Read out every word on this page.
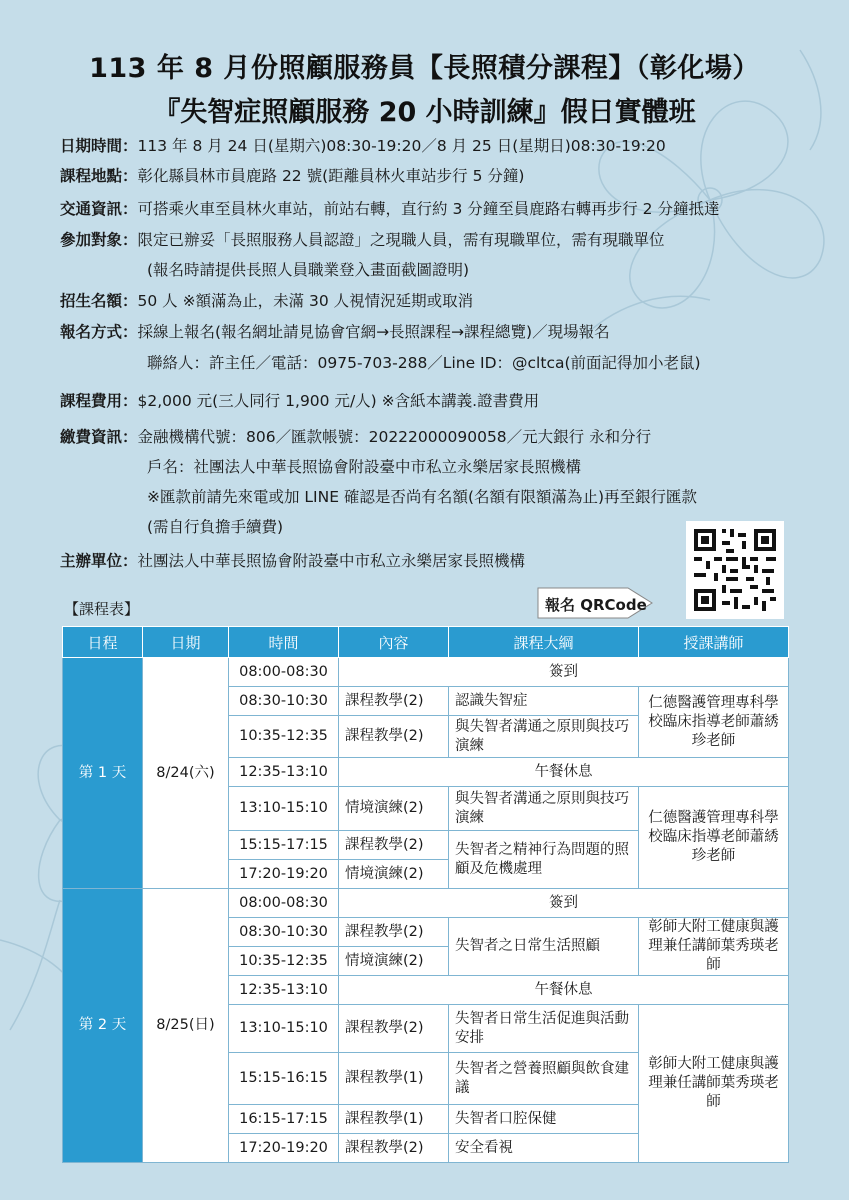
113 年 8 月份照顧服務員【長照積分課程】（彰化場）
『失智症照顧服務 20 小時訓練』假日實體班
日期時間：113 年 8 月 24 日(星期六)08:30-19:20／8 月 25 日(星期日)08:30-19:20
課程地點：彰化縣員林市員鹿路 22 號(距離員林火車站步行 5 分鐘)
交通資訊：可搭乘火車至員林火車站，前站右轉，直行約 3 分鐘至員鹿路右轉再步行 2 分鐘抵達
參加對象：限定已辦妥「長照服務人員認證」之現職人員，需有現職單位，需有現職單位
(報名時請提供長照人員職業登入畫面截圖證明)
招生名額：50 人 ※額滿為止，未滿 30 人視情況延期或取消
報名方式：採線上報名(報名網址請見協會官網→長照課程→課程總覽)／現場報名
聯絡人：許主任／電話：0975-703-288／Line ID：@cltca(前面記得加小老鼠)
課程費用：$2,000 元(三人同行 1,900 元/人) ※含紙本講義.證書費用
繳費資訊：金融機構代號：806／匯款帳號：20222000090058／元大銀行 永和分行
戶名：社團法人中華長照協會附設臺中市私立永樂居家長照機構
※匯款前請先來電或加 LINE 確認是否尚有名額(名額有限額滿為止)再至銀行匯款
(需自行負擔手續費)
主辦單位：社團法人中華長照協會附設臺中市私立永樂居家長照機構
報名 QRCode
【課程表】
日程	日期	時間	內容	課程大綱	授課講師
第 1 天	8/24(六)	08:00-08:30	簽到		
		08:30-10:30	課程教學(2)	認識失智症	仁德醫護管理專科學校臨床指導老師蕭綉珍老師
		10:35-12:35	課程教學(2)	與失智者溝通之原則與技巧演練	
		12:35-13:10	午餐休息		
		13:10-15:10	情境演練(2)	與失智者溝通之原則與技巧演練	仁德醫護管理專科學校臨床指導老師蕭綉珍老師
		15:15-17:15	課程教學(2)	失智者之精神行為問題的照顧及危機處理	
		17:20-19:20	情境演練(2)		
第 2 天	8/25(日)	08:00-08:30	簽到		
		08:30-10:30	課程教學(2)	失智者之日常生活照顧	彰師大附工健康與護理兼任講師葉秀瑛老師
		10:35-12:35	情境演練(2)		
		12:35-13:10	午餐休息		
		13:10-15:10	課程教學(2)	失智者日常生活促進與活動安排	彰師大附工健康與護理兼任講師葉秀瑛老師
		15:15-16:15	課程教學(1)	失智者之營養照顧與飲食建議	
		16:15-17:15	課程教學(1)	失智者口腔保健	
		17:20-19:20	課程教學(2)	安全看視	
